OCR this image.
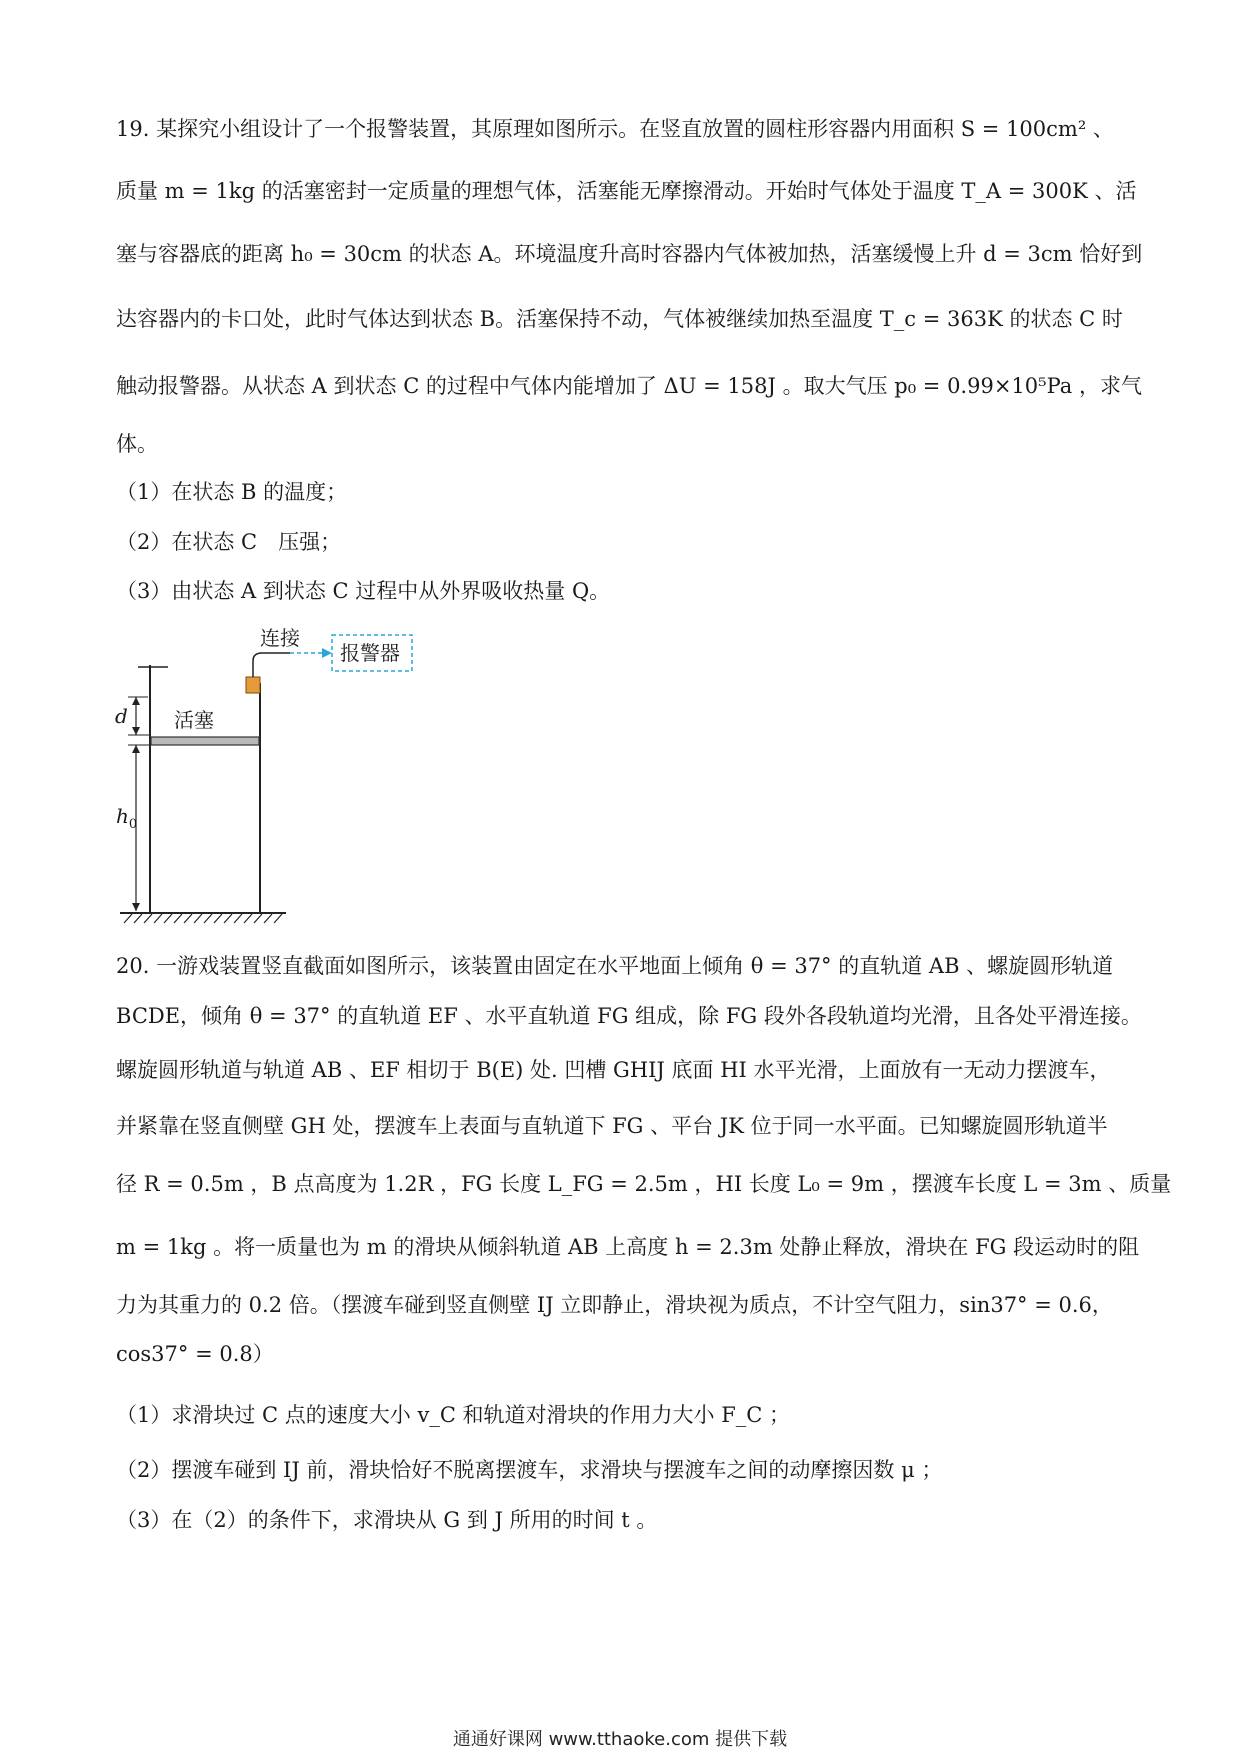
19. 某探究小组设计了一个报警装置，其原理如图所示。在竖直放置的圆柱形容器内用面积 S = 100cm² 、
质量 m = 1kg 的活塞密封一定质量的理想气体，活塞能无摩擦滑动。开始时气体处于温度 T_A = 300K 、活
塞与容器底的距离 h₀ = 30cm 的状态 A。环境温度升高时容器内气体被加热，活塞缓慢上升 d = 3cm 恰好到
达容器内的卡口处，此时气体达到状态 B。活塞保持不动，气体被继续加热至温度 T_c = 363K 的状态 C 时
触动报警器。从状态 A 到状态 C 的过程中气体内能增加了 ΔU = 158J 。取大气压 p₀ = 0.99×10⁵Pa ，求气
体。
（1）在状态 B 的温度；
（2）在状态 C　压强；
（3）由状态 A 到状态 C 过程中从外界吸收热量 Q。
报警器
连接
活塞
d
$h_0$
20. 一游戏装置竖直截面如图所示，该装置由固定在水平地面上倾角 θ = 37° 的直轨道 AB 、螺旋圆形轨道
BCDE，倾角 θ = 37° 的直轨道 EF 、水平直轨道 FG 组成，除 FG 段外各段轨道均光滑，且各处平滑连接。
螺旋圆形轨道与轨道 AB 、EF 相切于 B(E) 处. 凹槽 GHIJ 底面 HI 水平光滑，上面放有一无动力摆渡车，
并紧靠在竖直侧壁 GH 处，摆渡车上表面与直轨道下 FG 、平台 JK 位于同一水平面。已知螺旋圆形轨道半
径 R = 0.5m ，B 点高度为 1.2R ，FG 长度 L_FG = 2.5m ，HI 长度 L₀ = 9m ，摆渡车长度 L = 3m 、质量
m = 1kg 。将一质量也为 m 的滑块从倾斜轨道 AB 上高度 h = 2.3m 处静止释放，滑块在 FG 段运动时的阻
力为其重力的 0.2 倍。（摆渡车碰到竖直侧壁 IJ 立即静止，滑块视为质点，不计空气阻力，sin37° = 0.6，
cos37° = 0.8）
（1）求滑块过 C 点的速度大小 v_C 和轨道对滑块的作用力大小 F_C ；
（2）摆渡车碰到 IJ 前，滑块恰好不脱离摆渡车，求滑块与摆渡车之间的动摩擦因数 μ ；
（3）在（2）的条件下，求滑块从 G 到 J 所用的时间 t 。
通通好课网 www.tthaoke.com 提供下载
